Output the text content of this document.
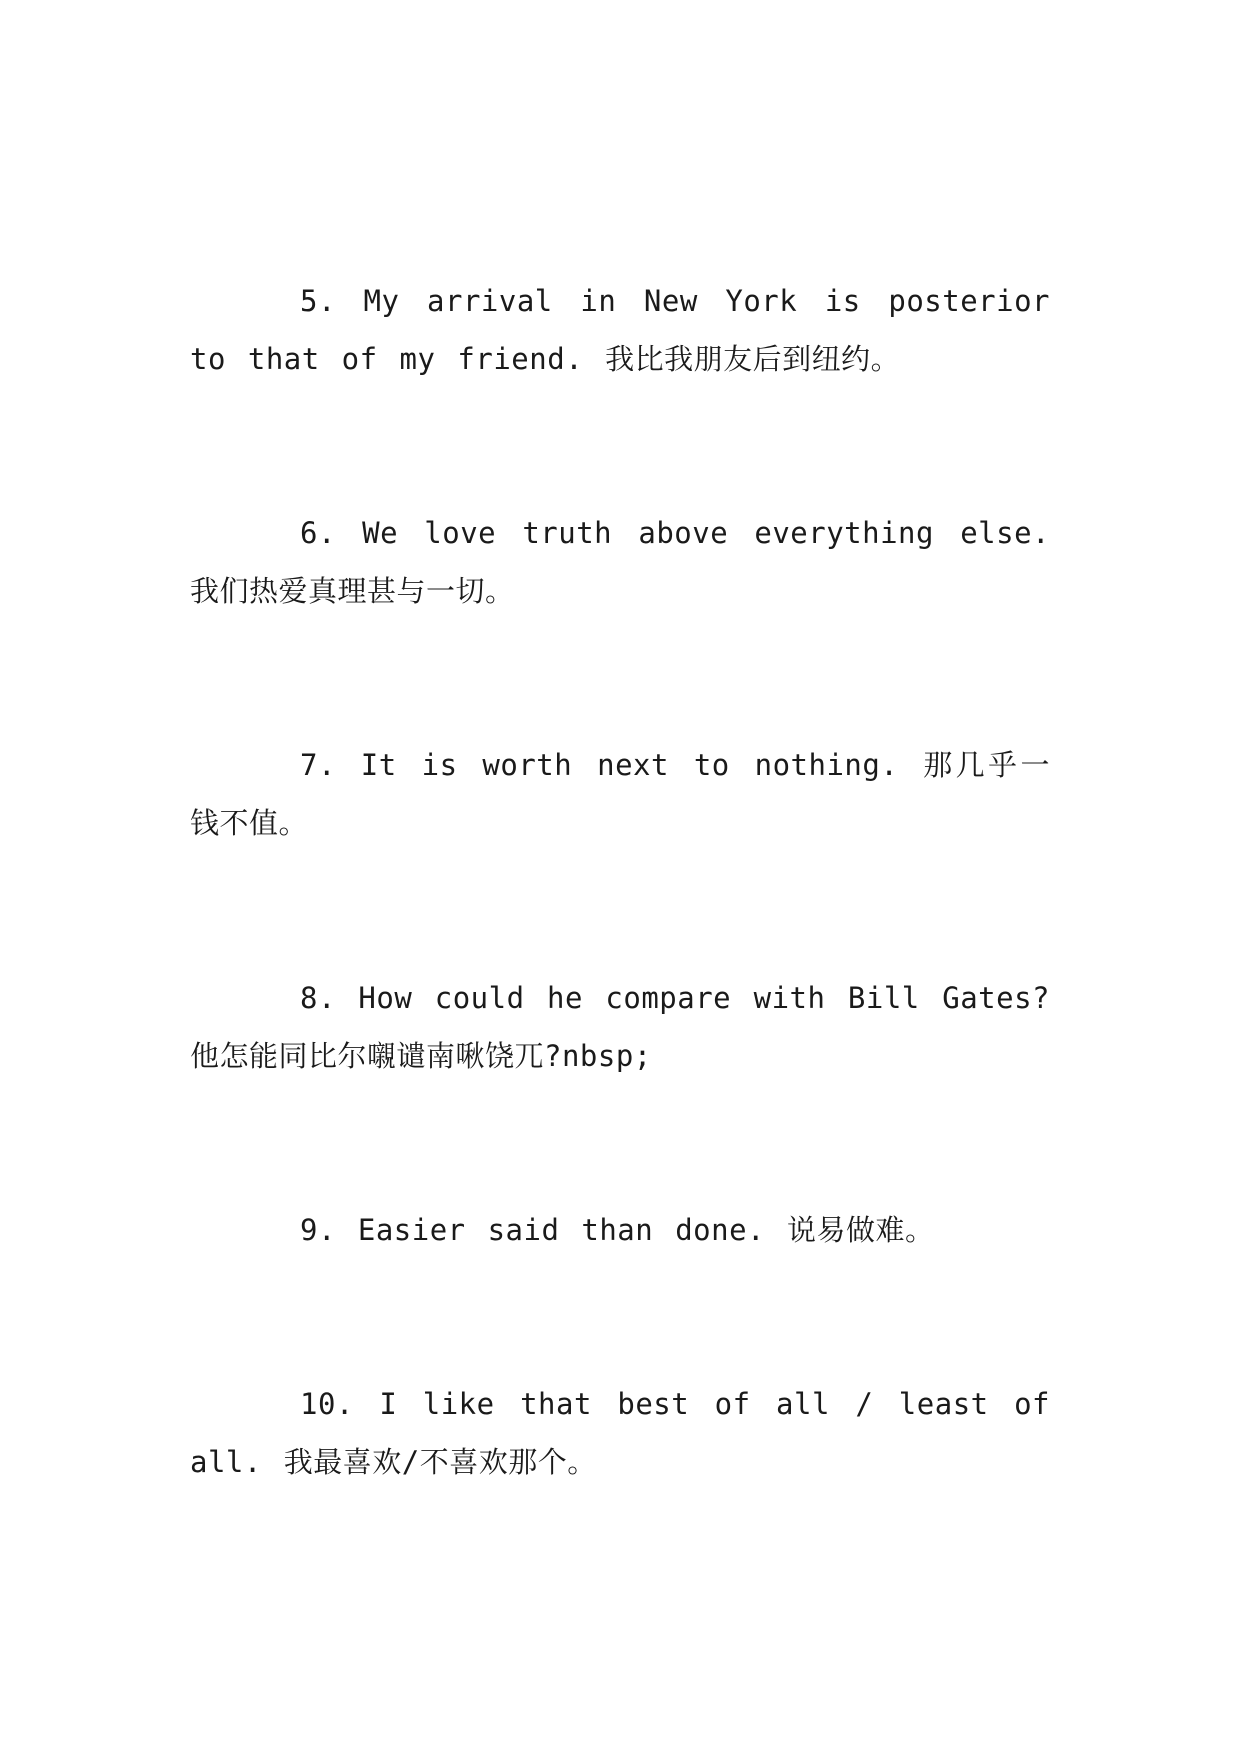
5. My arrival in New York is posterior to that of my friend. 我比我朋友后到纽约。

6. We love truth above everything else. 我们热爱真理甚与一切。

7. It is worth next to nothing. 那几乎一钱不值。

8. How could he compare with Bill Gates? 他怎能同比尔嚫谴南啾饶兀?nbsp;

9. Easier said than done. 说易做难。

10. I like that best of all / least of all. 我最喜欢/不喜欢那个。
